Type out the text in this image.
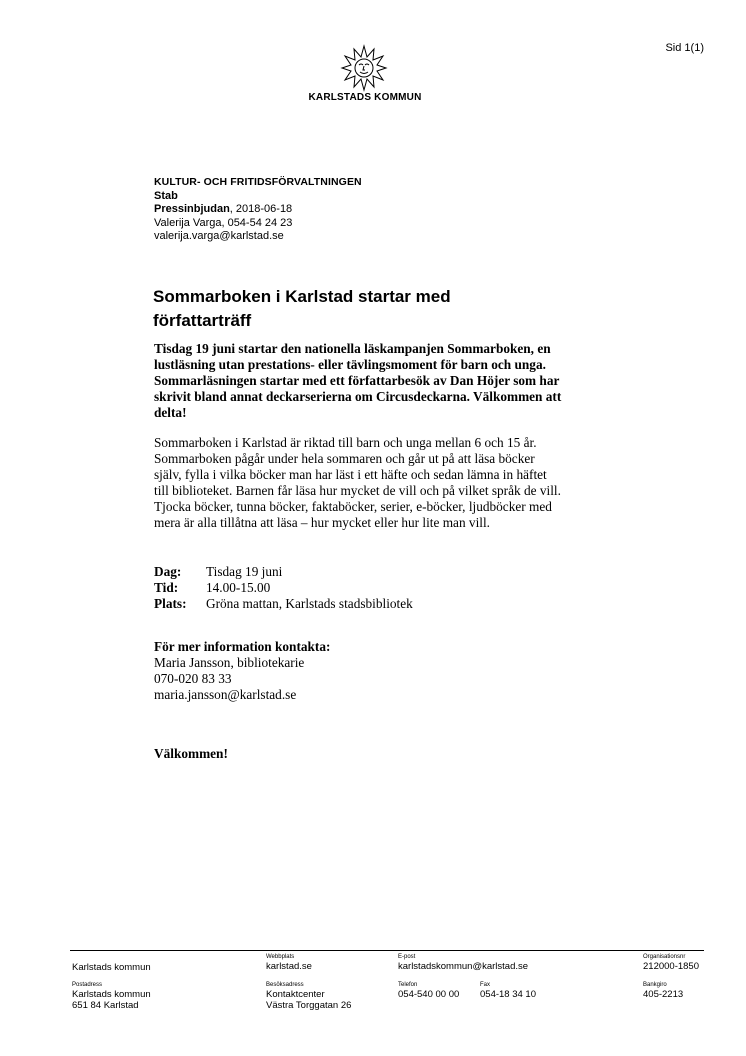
Sid 1(1)
KARLSTADS KOMMUN
KULTUR- OCH FRITIDSFÖRVALTNINGEN
Stab
Pressinbjudan, 2018-06-18
Valerija Varga, 054-54 24 23
valerija.varga@karlstad.se
Sommarboken i Karlstad startar med
författarträff
Tisdag 19 juni startar den nationella läskampanjen Sommarboken, en
lustläsning utan prestations- eller tävlingsmoment för barn och unga.
Sommarläsningen startar med ett författarbesök av Dan Höjer som har
skrivit bland annat deckarserierna om Circusdeckarna. Välkommen att
delta!
Sommarboken i Karlstad är riktad till barn och unga mellan 6 och 15 år.
Sommarboken pågår under hela sommaren och går ut på att läsa böcker
själv, fylla i vilka böcker man har läst i ett häfte och sedan lämna in häftet
till biblioteket. Barnen får läsa hur mycket de vill och på vilket språk de vill.
Tjocka böcker, tunna böcker, faktaböcker, serier, e-böcker, ljudböcker med
mera är alla tillåtna att läsa – hur mycket eller hur lite man vill.
Dag:	Tisdag 19 juni
Tid:	14.00-15.00
Plats:	Gröna mattan, Karlstads stadsbibliotek
För mer information kontakta:
Maria Jansson, bibliotekarie
070-020 83 33
maria.jansson@karlstad.se
Välkommen!
Karlstads kommun
Webbplats
karlstad.se
E-post
karlstadskommun@karlstad.se
Organisationsnr
212000-1850
Postadress
Karlstads kommun
651 84 Karlstad
Besöksadress
Kontaktcenter
Västra Torggatan 26
Telefon
054-540 00 00
Fax
054-18 34 10
Bankgiro
405-2213
